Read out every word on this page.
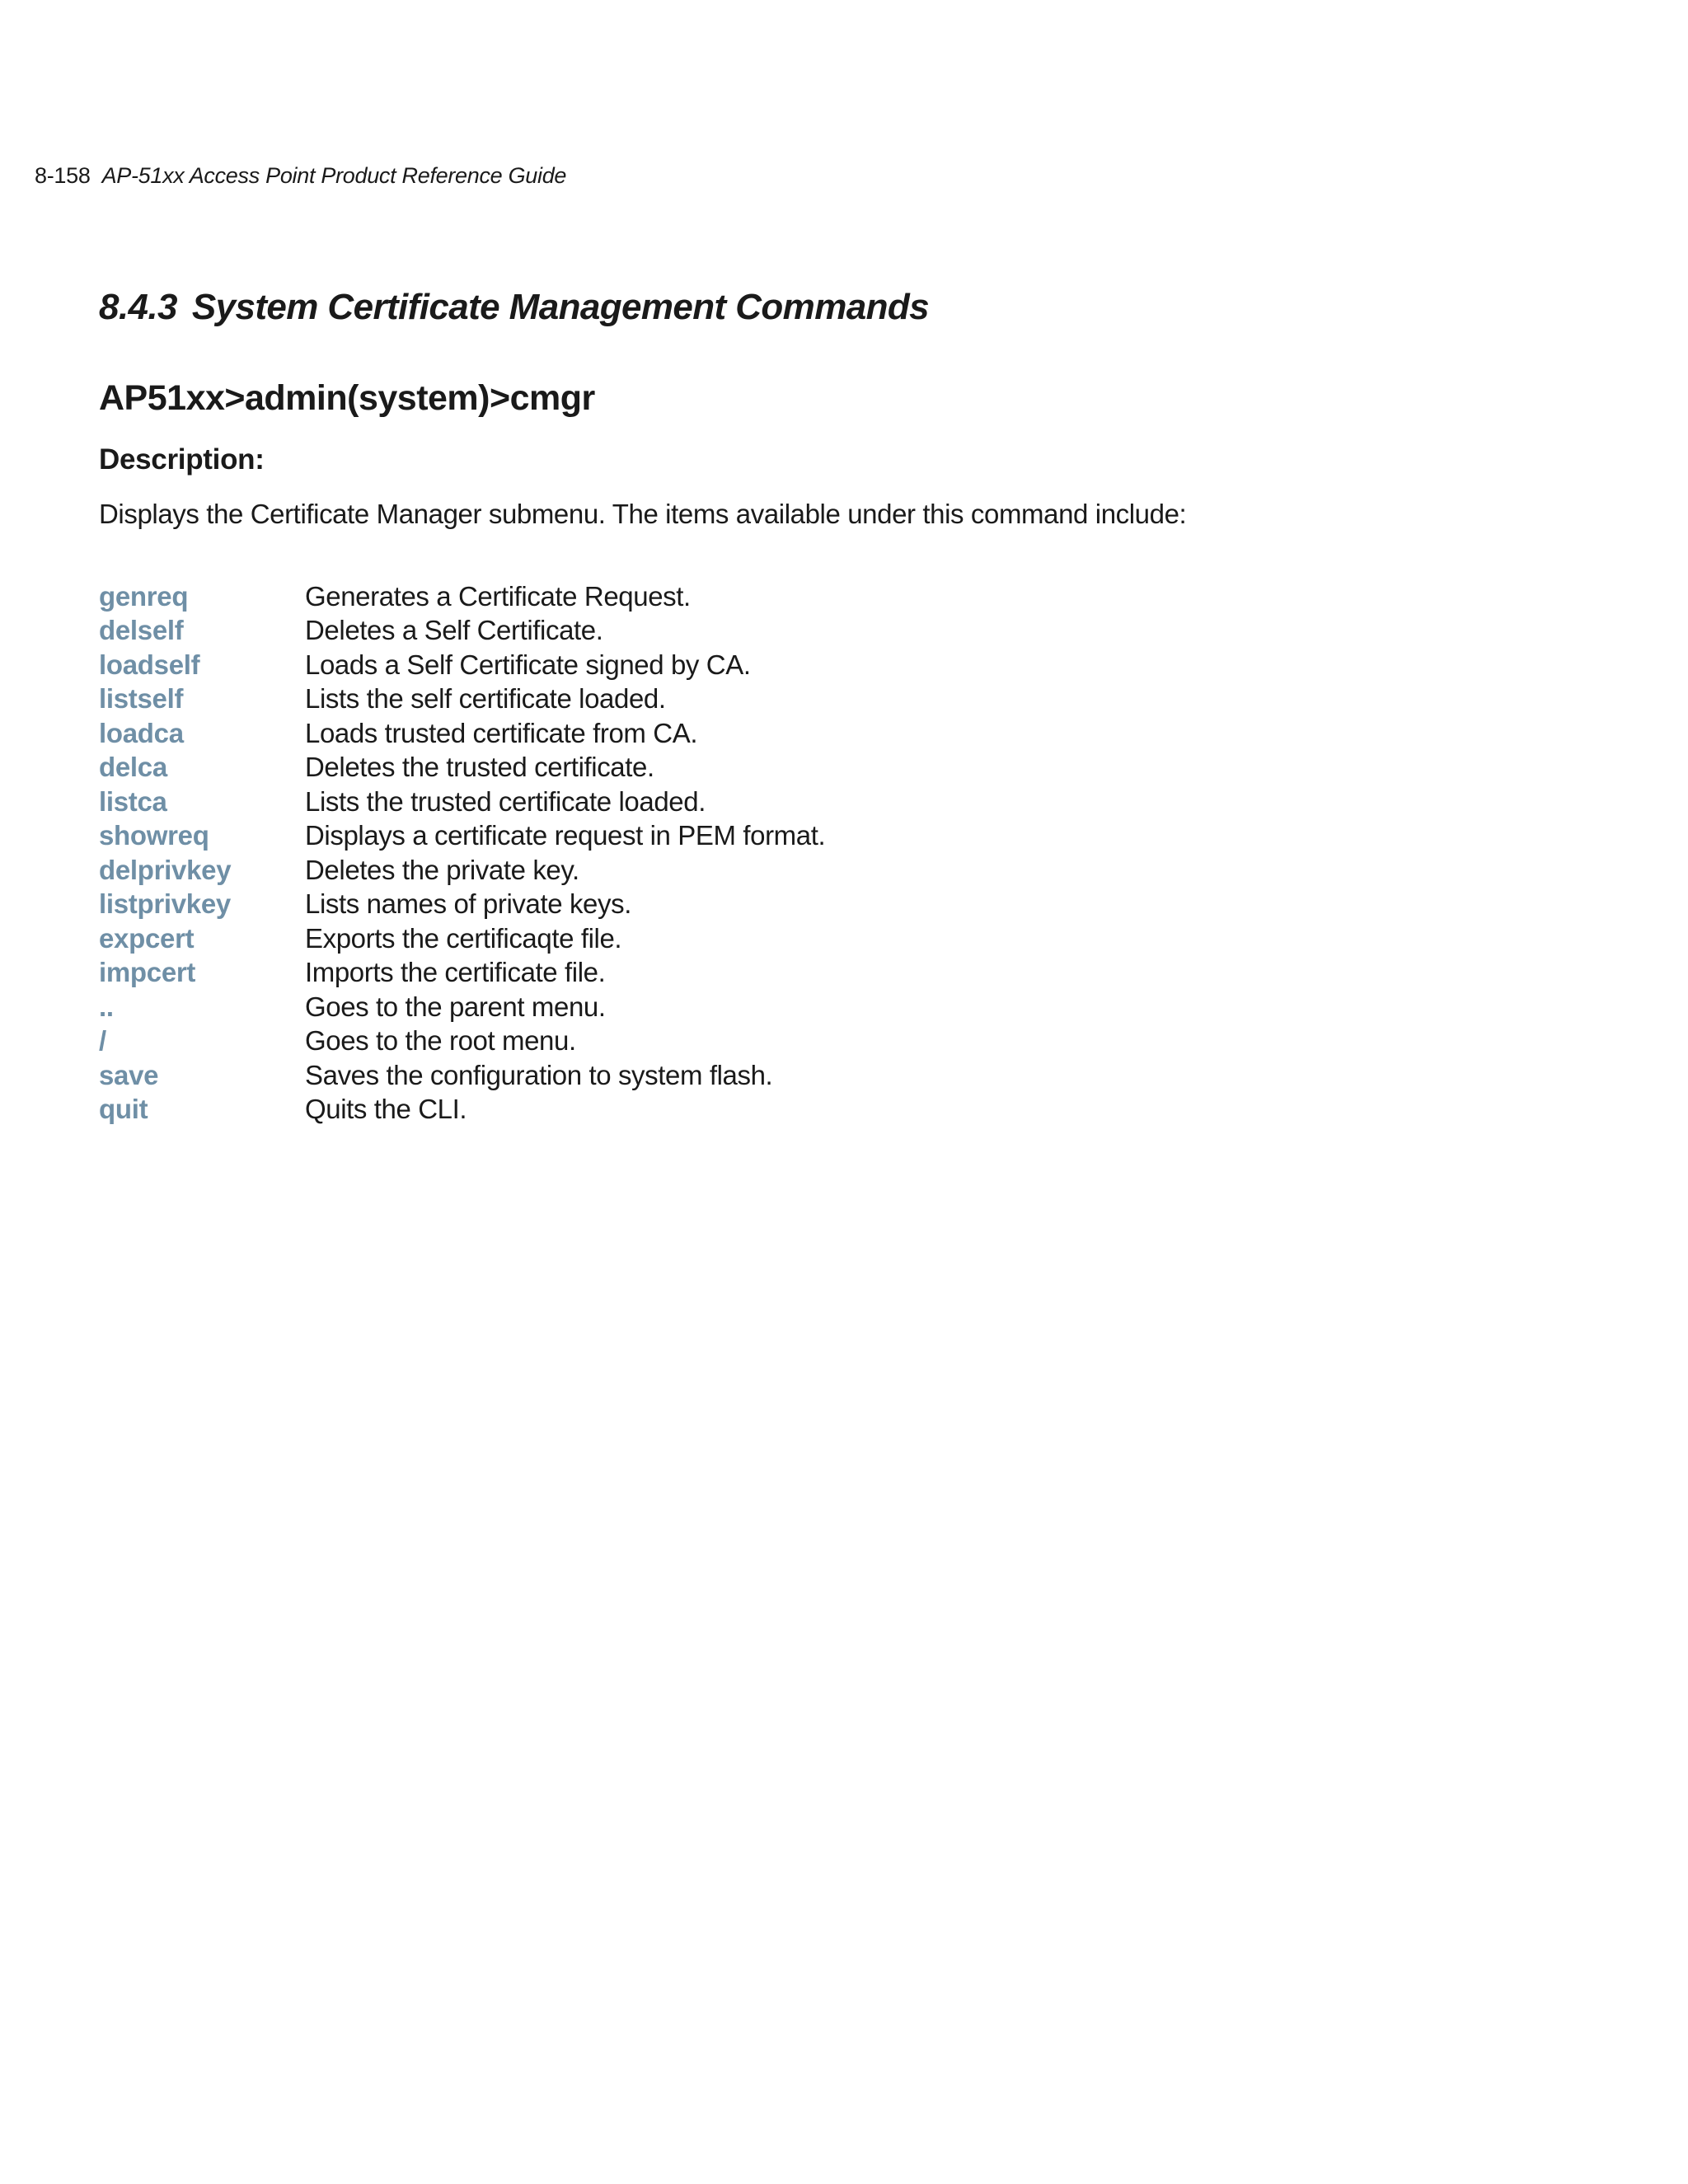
8-158 AP-51xx Access Point Product Reference Guide
8.4.3 System Certificate Management Commands
AP51xx>admin(system)>cmgr
Description:

Displays the Certificate Manager submenu. The items available under this command include:

genreq	Generates a Certificate Request.
delself	Deletes a Self Certificate.
loadself	Loads a Self Certificate signed by CA.
listself	Lists the self certificate loaded.
loadca	Loads trusted certificate from CA.
delca	Deletes the trusted certificate.
listca	Lists the trusted certificate loaded.
showreq	Displays a certificate request in PEM format.
delprivkey	Deletes the private key.
listprivkey	Lists names of private keys.
expcert	Exports the certificaqte file.
impcert	Imports the certificate file.
..	Goes to the parent menu.
/	Goes to the root menu.
save	Saves the configuration to system flash.
quit	Quits the CLI.
